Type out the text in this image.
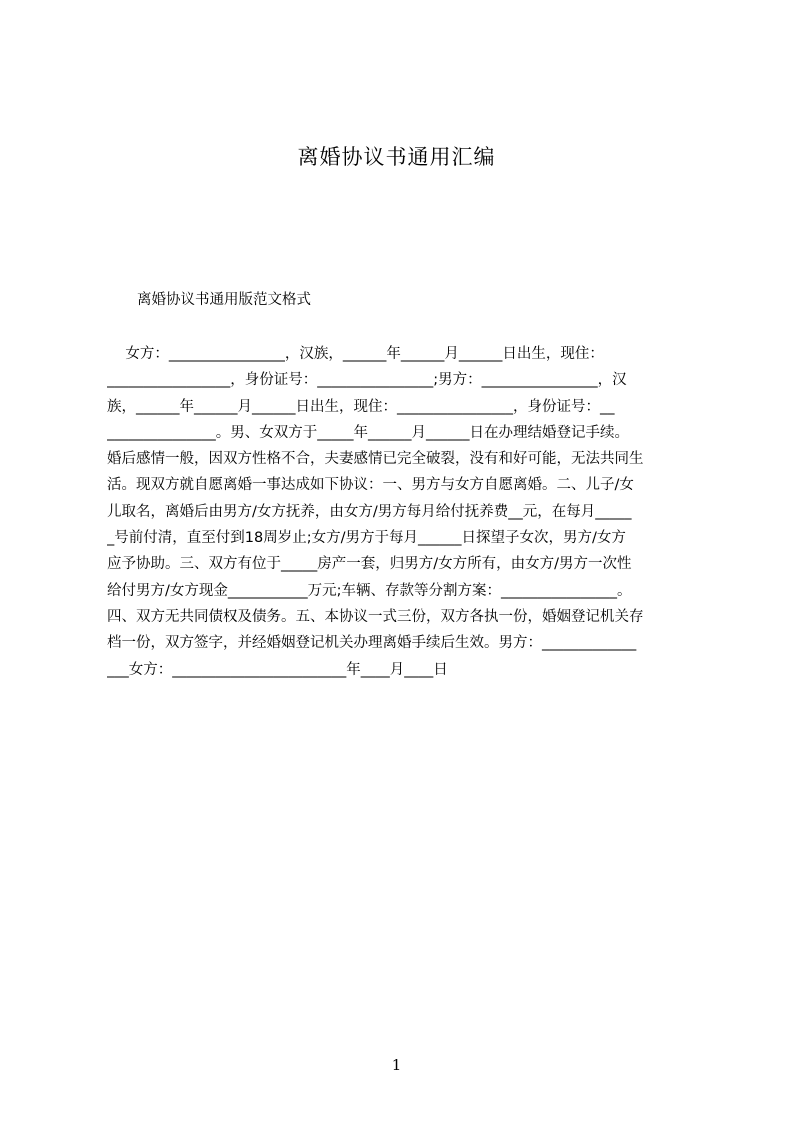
离婚协议书通用汇编
离婚协议书通用版范文格式
女方：________________，汉族，______年______月______日出生，现住：
_________________，身份证号：________________;男方：________________，汉
族，______年______月______日出生，现住：________________，身份证号：__
_______________。男、女双方于_____年______月______日在办理结婚登记手续。
婚后感情一般，因双方性格不合，夫妻感情已完全破裂，没有和好可能，无法共同生
活。现双方就自愿离婚一事达成如下协议：一、男方与女方自愿离婚。二、儿子/女
儿取名，离婚后由男方/女方抚养，由女方/男方每月给付抚养费__元，在每月_____
_号前付清，直至付到18周岁止;女方/男方于每月______日探望子女次，男方/女方
应予协助。三、双方有位于_____房产一套，归男方/女方所有，由女方/男方一次性
给付男方/女方现金___________万元;车辆、存款等分割方案：________________。
四、双方无共同债权及债务。五、本协议一式三份，双方各执一份，婚姻登记机关存
档一份，双方签字，并经婚姻登记机关办理离婚手续后生效。男方：_____________
___女方：________________________年____月____日
1
